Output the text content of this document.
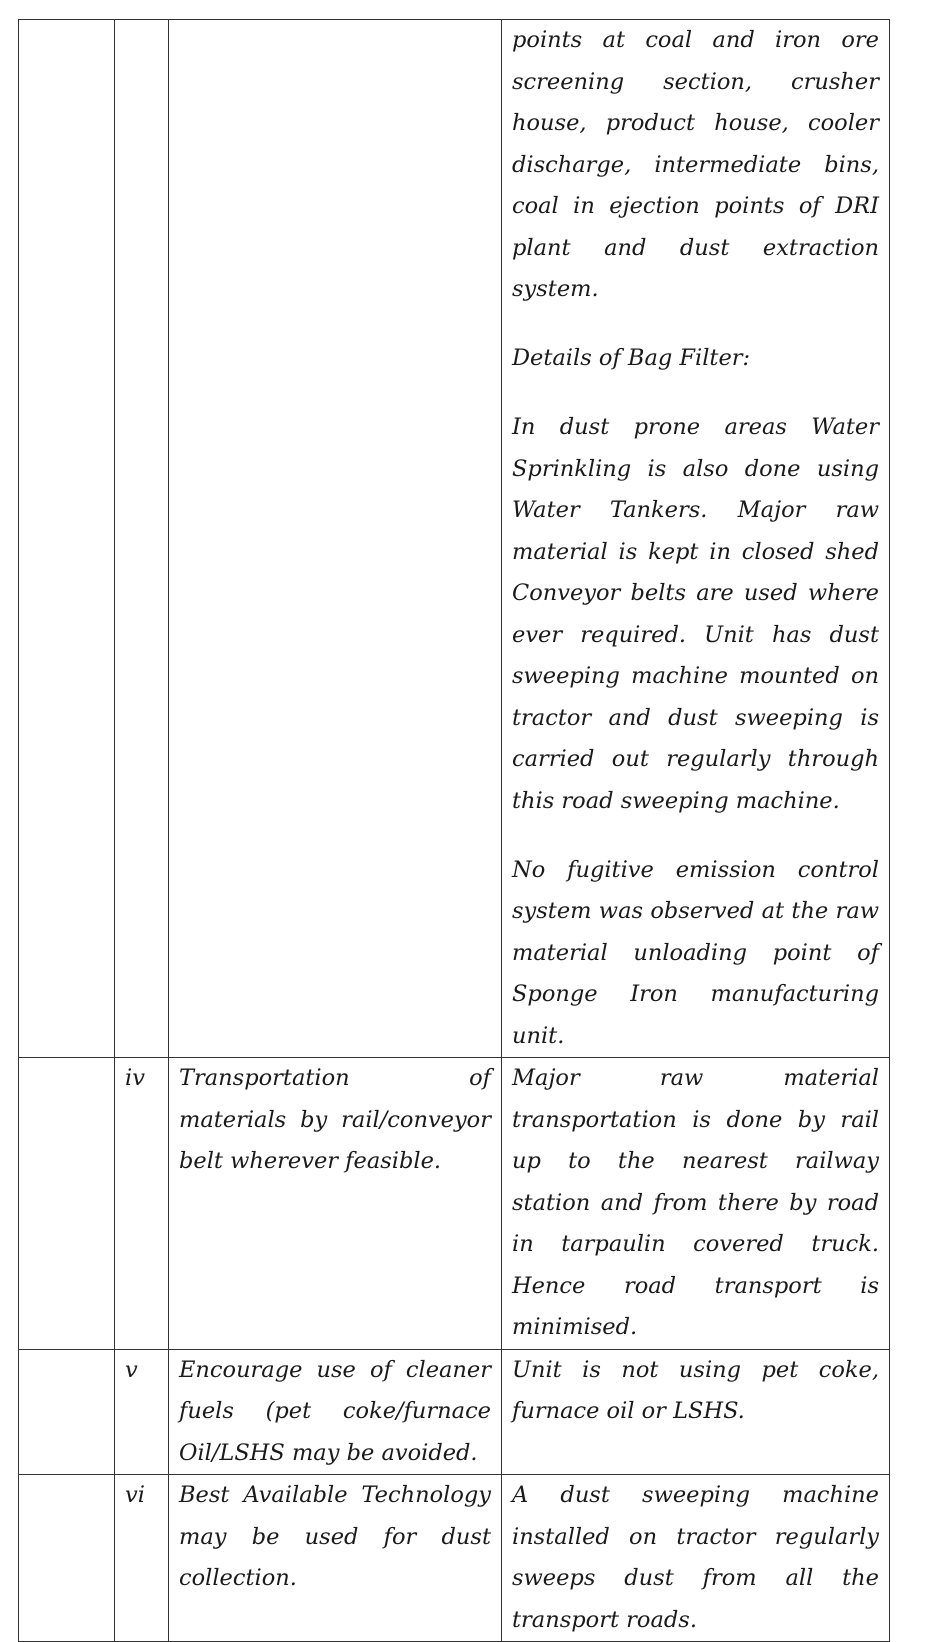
			points at coal and iron ore screening section, crusher house, product house, cooler discharge, intermediate bins, coal in ejection points of DRI plant and dust extraction system.

Details of Bag Filter:

In dust prone areas Water Sprinkling is also done using Water Tankers. Major raw material is kept in closed shed Conveyor belts are used where ever required. Unit has dust sweeping machine mounted on tractor and dust sweeping is carried out regularly through this road sweeping machine.

No fugitive emission control system was observed at the raw material unloading point of Sponge Iron manufacturing unit.

	iv	Transportation of materials by rail/conveyor belt wherever feasible.	Major raw material transportation is done by rail up to the nearest railway station and from there by road in tarpaulin covered truck. Hence road transport is minimised.

	v	Encourage use of cleaner fuels (pet coke/furnace Oil/LSHS may be avoided.	Unit is not using pet coke, furnace oil or LSHS.

	vi	Best Available Technology may be used for dust collection.	A dust sweeping machine installed on tractor regularly sweeps dust from all the transport roads.
